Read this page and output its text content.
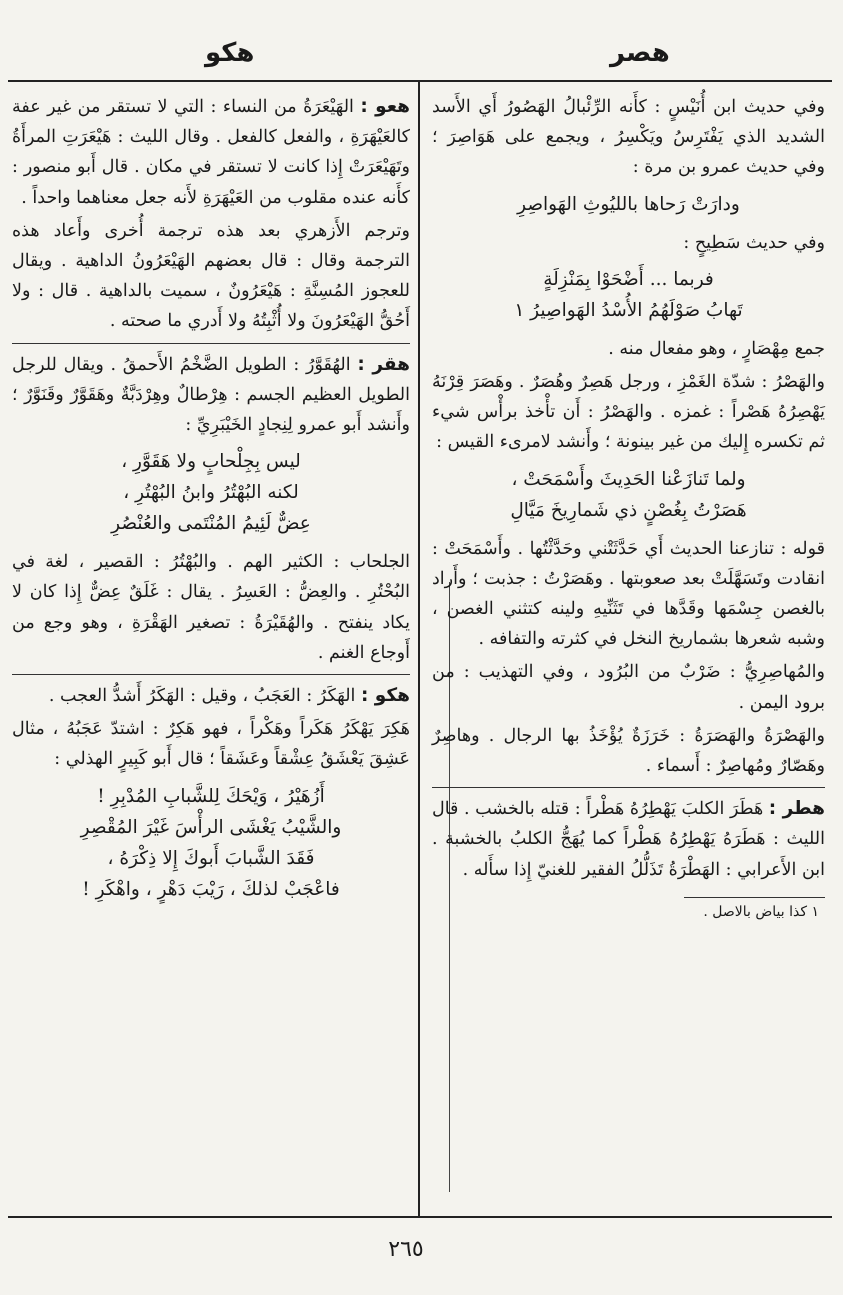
هصر
هكو
وفي حديث ابن أُنَيْسٍ : كأَنه الرِّئْبالُ الهَصُورُ أَي الأَسد الشديد الذي يَفْتَرِسُ ويَكْسِرُ ، ويجمع على هَوَاصِرَ ؛ وفي حديث عمرو بن مرة :
ودارَتْ رَحاها بالليُوثِ الهَواصِرِ
وفي حديث سَطِيحٍ :
فربما ... أَضْحَوْا بِمَنْزِلَةٍ
تَهابُ صَوْلَهُمُ الأُسْدُ الهَواصِيرُ ١
جمع مِهْصَارٍ ، وهو مفعال منه .
والهَصْرُ : شدّة الغَمْزِ ، ورجل هَصِرٌ وهُصَرٌ . وهَصَرَ قِرْنَهُ يَهْصِرُهُ هَصْراً : غمزه . والهَصْرُ : أَن تأْخذ برأْس شيء ثم تكسره إِليك من غير بينونة ؛ وأَنشد لامرىء القيس :
ولما تَنازَعْنا الحَدِيثَ وأَسْمَحَتْ ،
هَصَرْتُ بِغُصْنٍ ذي شَمارِيخَ مَيَّالِ
قوله : تنازعنا الحديث أَي حَدَّثَتْني وحَدَّثْتُها . وأَسْمَحَتْ : انقادت وتَسَهَّلَتْ بعد صعوبتها . وهَصَرْتُ : جذبت ؛ وأَراد بالغصن جِسْمَها وقَدَّها في تَثَنِّيهِ ولينه كتثني الغصن ، وشبه شعرها بشماريخ النخل في كثرته والتفافه .
والمُهاصِرِيُّ : ضَرْبٌ من البُرُود ، وفي التهذيب : من برود اليمن .
والهَصْرَةُ والهَصَرَةُ : خَرَزَةٌ يُؤْخَذُ بها الرجال . وهاصِرٌ وهَصّارٌ ومُهاصِرٌ : أَسماء .
هطر : هَطَرَ الكلبَ يَهْطِرُهُ هَطْراً : قتله بالخشب . قال الليث : هَطَرَهُ يَهْطِرُهُ هَطْراً كما يُهَجُّ الكلبُ بالخشبة . ابن الأَعرابي : الهَطْرَةُ تَذَلُّلُ الفقير للغنيّ إِذا سأَله .
١ كذا بياض بالاصل .
هعو : الهَيْعَرَةُ من النساء : التي لا تستقر من غير عفة كالعَيْهَرَةِ ، والفعل كالفعل . وقال الليث : هَيْعَرَتِ المرأَةُ وتَهَيْعَرَتْ إِذا كانت لا تستقر في مكان . قال أَبو منصور : كأَنه عنده مقلوب من العَيْهَرَةِ لأَنه جعل معناهما واحداً .
وترجم الأَزهري بعد هذه ترجمة أُخرى وأَعاد هذه الترجمة وقال : قال بعضهم الهَيْعَرُونُ الداهية . ويقال للعجوز المُسِنَّةِ : هَيْعَرُونٌ ، سميت بالداهية . قال : ولا أَحُقُّ الهَيْعَرُونَ ولا أُثْبِتُهُ ولا أَدري ما صحته .
هقر : الهُقَوَّرُ : الطويل الضَّخْمُ الأَحمقُ . ويقال للرجل الطويل العظيم الجسم : هِرْطالٌ وهِرْدَبَّةٌ وهَقَوَّرٌ وقَنَوَّرٌ ؛ وأَنشد أَبو عمرو لِنِجادٍ الخَيْبَرِيِّ :
ليس بِجِلْحابٍ ولا هَقَوَّرِ ،
لكنه البُهْتُرُ وابنُ البُهْتُرِ ،
عِضٌّ لَئِيمُ المُنْتَمى والعُنْصُرِ
الجلحاب : الكثير الهم . والبُهْتُرُ : القصير ، لغة في البُحْتُرِ . والعِضُّ : العَسِرُ . يقال : غَلَقٌ عِضٌّ إِذا كان لا يكاد ينفتح . والهُقَيْرَةُ : تصغير الهَقْرَةِ ، وهو وجع من أَوجاع الغنم .
هكو : الهَكَرُ : العَجَبُ ، وقيل : الهَكَرُ أَشدُّ العجب .
هَكِرَ يَهْكَرُ هَكَراً وهَكْراً ، فهو هَكِرٌ : اشتدّ عَجَبُهُ ، مثال عَشِقَ يَعْشَقُ عِشْقاً وعَشَقاً ؛ قال أَبو كَبِيرٍ الهذلي :
أَزُهَيْرُ ، وَيْحَكَ لِلشَّبابِ المُدْبِرِ !
والشَّيْبُ يَغْشَى الرأْسَ غَيْرَ المُقْصِرِ
فَقَدَ الشَّبابَ أَبوكَ إِلا ذِكْرَهُ ،
فاعْجَبْ لذلكَ ، رَيْبَ دَهْرٍ ، واهْكَرِ !
٢٦٥
